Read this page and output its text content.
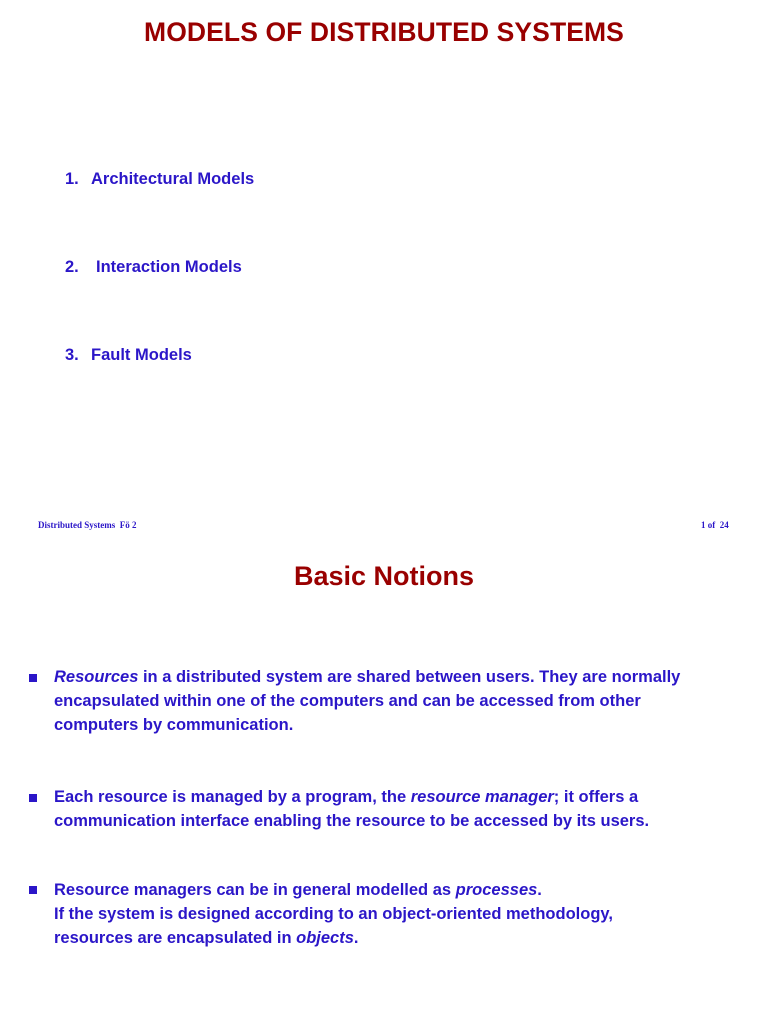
MODELS OF DISTRIBUTED SYSTEMS
1. Architectural Models
2. Interaction Models
3. Fault Models
Distributed Systems  Fö 2	1 of  24
Basic Notions
Resources in a distributed system are shared between users. They are normally
encapsulated within one of the computers and can be accessed from other
computers by communication.
Each resource is managed by a program, the resource manager; it offers a
communication interface enabling the resource to be accessed by its users.
Resource managers can be in general modelled as processes.
If the system is designed according to an object-oriented methodology,
resources are encapsulated in objects.
